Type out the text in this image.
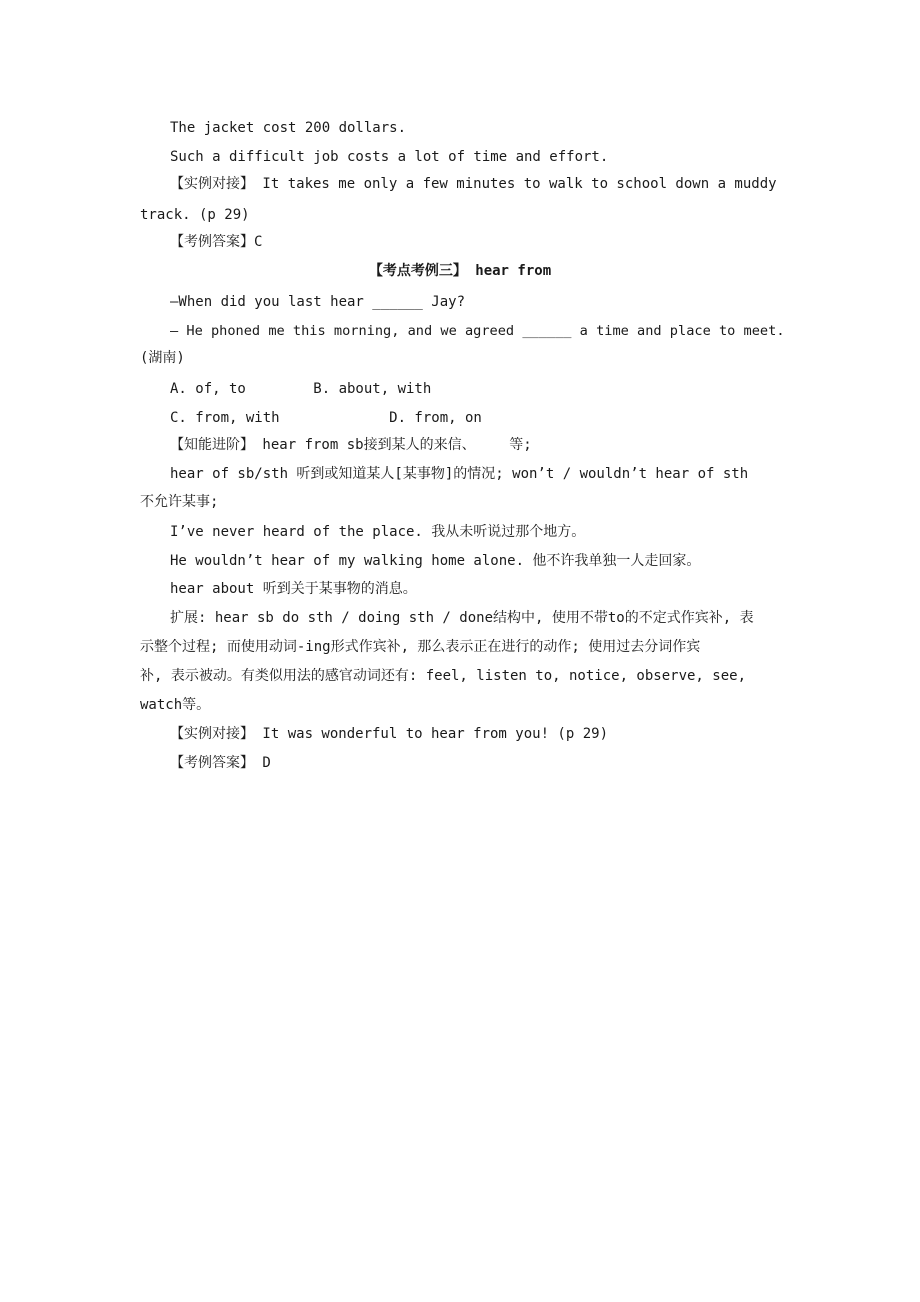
The jacket cost 200 dollars.
Such a difficult job costs a lot of time and effort.
【实例对接】 It takes me only a few minutes to walk to school down a muddy
track. (p 29)
【考例答案】C
【考点考例三】 hear from
—When did you last hear ______ Jay?
— He phoned me this morning, and we agreed ______ a time and place to meet.
(湖南)
A. of, to        B. about, with
C. from, with             D. from, on
【知能进阶】 hear from sb接到某人的来信、    等;
hear of sb/sth 听到或知道某人[某事物]的情况; won’t / wouldn’t hear of sth
不允许某事;
I’ve never heard of the place. 我从未听说过那个地方。
He wouldn’t hear of my walking home alone. 他不许我单独一人走回家。
hear about 听到关于某事物的消息。
扩展: hear sb do sth / doing sth / done结构中, 使用不带to的不定式作宾补, 表
示整个过程; 而使用动词-ing形式作宾补, 那么表示正在进行的动作; 使用过去分词作宾
补, 表示被动。有类似用法的感官动词还有: feel, listen to, notice, observe, see,
watch等。
【实例对接】 It was wonderful to hear from you! (p 29)
【考例答案】 D
